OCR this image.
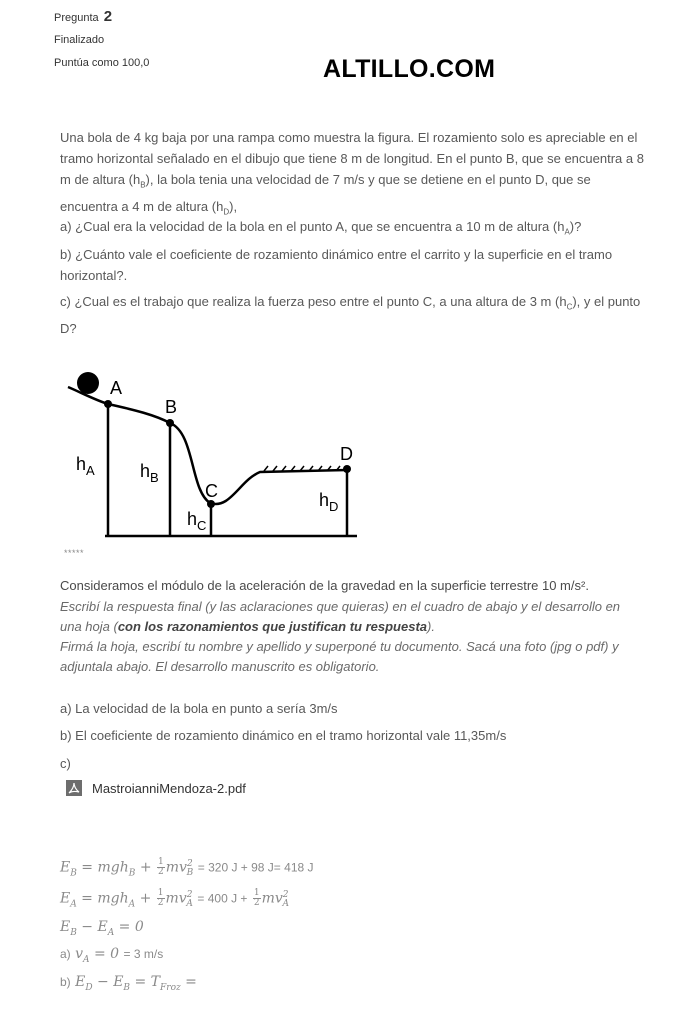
Pregunta 2
Finalizado
Puntúa como 100,0	ALTILLO.COM
Una bola de 4 kg baja por una rampa como muestra la figura. El rozamiento solo es apreciable en el tramo horizontal señalado en el dibujo que tiene 8 m de longitud. En el punto B, que se encuentra a 8 m de altura $(h_B)$, la bola tenia una velocidad de 7 m/s y que se detiene en el punto D, que se encuentra a 4 m de altura $(h_D)$,
a) ¿Cual era la velocidad de la bola en el punto A, que se encuentra a 10 m de altura $(h_A)$?
b) ¿Cuánto vale el coeficiente de rozamiento dinámico entre el carrito y la superficie en el tramo horizontal?.
c) ¿Cual es el trabajo que realiza la fuerza peso entre el punto C, a una altura de 3 m $(h_C)$, y el punto D?
A
B
C
D
$h_A$	$h_B$
$h_C$
$h_D$
*****
Consideramos el módulo de la aceleración de la gravedad en la superficie terrestre 10 m/s².
Escribí la respuesta final (y las aclaraciones que quieras) en el cuadro de abajo y el desarrollo en una hoja (con los razonamientos que justifican tu respuesta).
Firmá la hoja, escribí tu nombre y apellido y superponé tu documento. Sacá una foto (jpg o pdf) y adjuntala abajo. El desarrollo manuscrito es obligatorio.
a) La velocidad de la bola en punto a sería 3m/s
b) El coeficiente de rozamiento dinámico en el tramo horizontal vale 11,35m/s
c)
MastroianniMendoza-2.pdf
$E_B = mgh_B + \frac{1}{2} mv^2_B = 320$ J + 98 J= 418 J
$E_A = mgh_A + \frac{1}{2} mv^2_A = 400$ $J + \frac{1}{2} mv^2_A$
$E_B - E_A = 0$
a) $v_A = 0 = 3$ m/s
b) $E_D - E_B = T_{Froz}$ =
